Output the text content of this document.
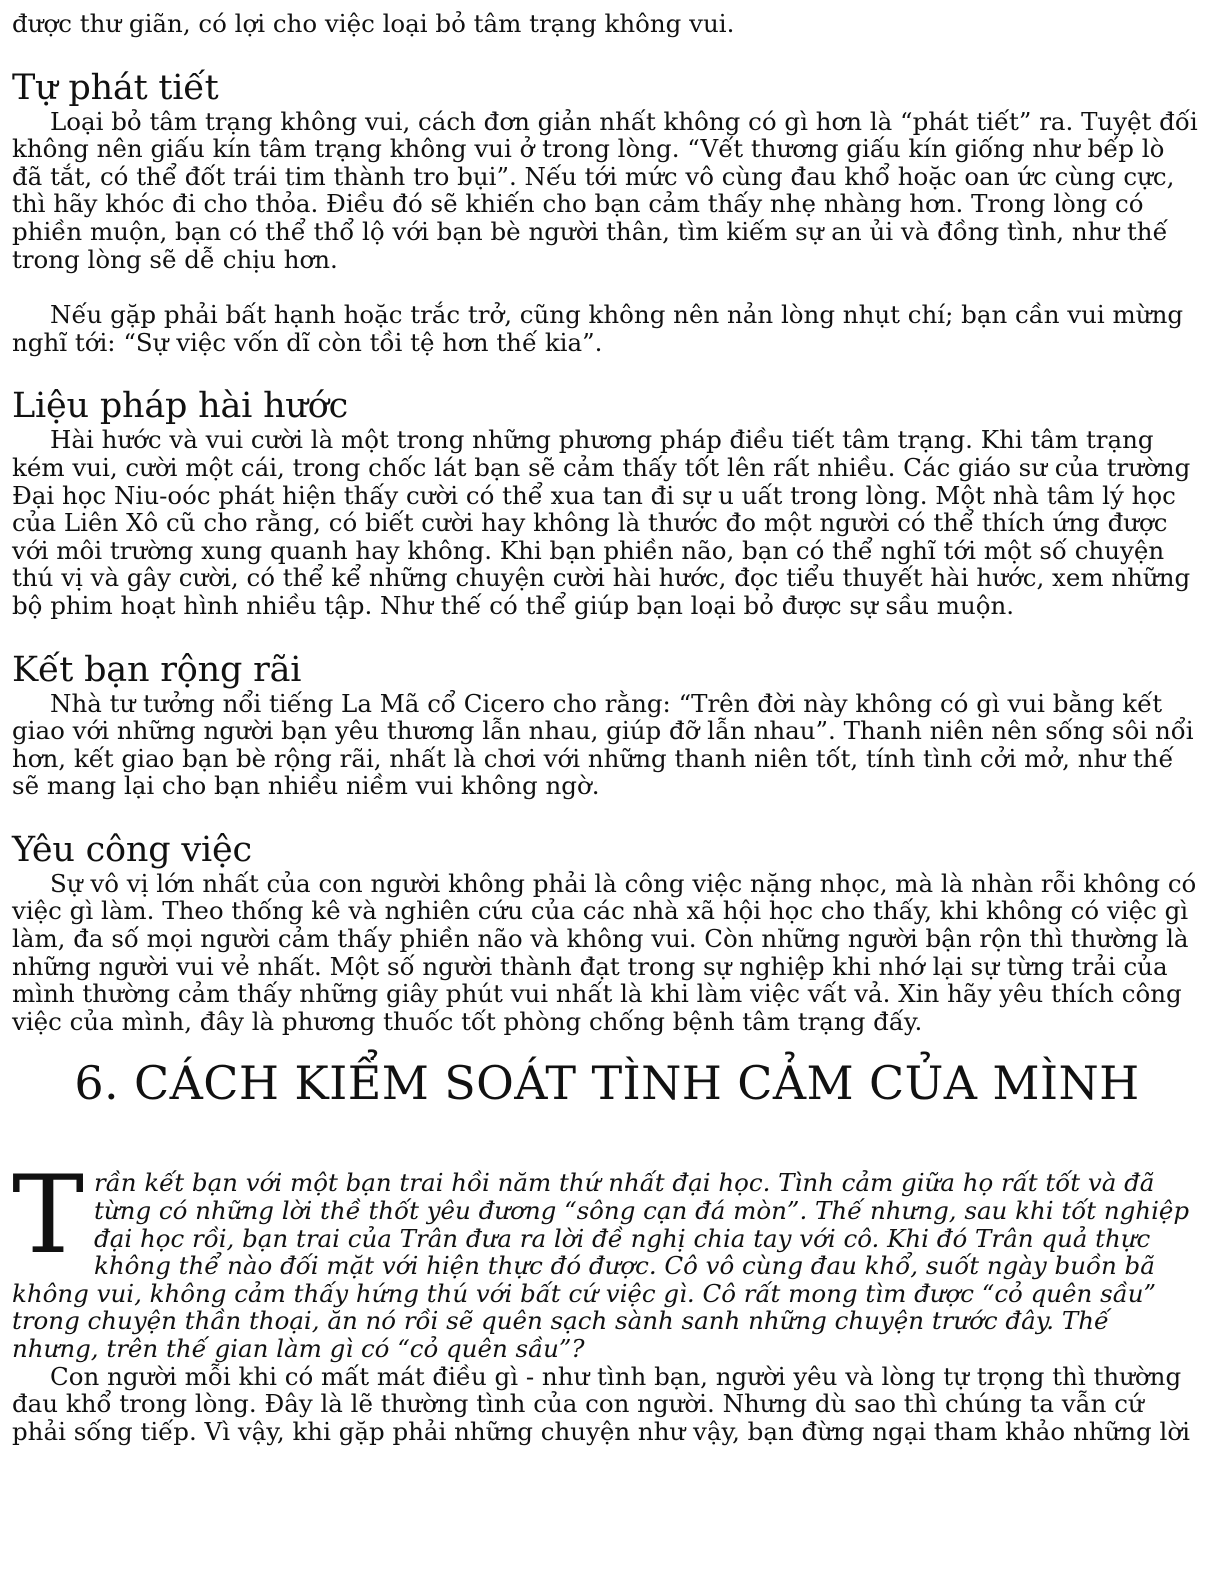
được thư giãn, có lợi cho việc loại bỏ tâm trạng không vui.

Tự phát tiết

Loại bỏ tâm trạng không vui, cách đơn giản nhất không có gì hơn là “phát tiết” ra. Tuyệt đối không nên giấu kín tâm trạng không vui ở trong lòng. “Vết thương giấu kín giống như bếp lò đã tắt, có thể đốt trái tim thành tro bụi”. Nếu tới mức vô cùng đau khổ hoặc oan ức cùng cực, thì hãy khóc đi cho thỏa. Điều đó sẽ khiến cho bạn cảm thấy nhẹ nhàng hơn. Trong lòng có phiền muộn, bạn có thể thổ lộ với bạn bè người thân, tìm kiếm sự an ủi và đồng tình, như thế trong lòng sẽ dễ chịu hơn.

Nếu gặp phải bất hạnh hoặc trắc trở, cũng không nên nản lòng nhụt chí; bạn cần vui mừng nghĩ tới: “Sự việc vốn dĩ còn tồi tệ hơn thế kia”.

Liệu pháp hài hước

Hài hước và vui cười là một trong những phương pháp điều tiết tâm trạng. Khi tâm trạng kém vui, cười một cái, trong chốc lát bạn sẽ cảm thấy tốt lên rất nhiều. Các giáo sư của trường Đại học Niu-oóc phát hiện thấy cười có thể xua tan đi sự u uất trong lòng. Một nhà tâm lý học của Liên Xô cũ cho rằng, có biết cười hay không là thước đo một người có thể thích ứng được với môi trường xung quanh hay không. Khi bạn phiền não, bạn có thể nghĩ tới một số chuyện thú vị và gây cười, có thể kể những chuyện cười hài hước, đọc tiểu thuyết hài hước, xem những bộ phim hoạt hình nhiều tập. Như thế có thể giúp bạn loại bỏ được sự sầu muộn.

Kết bạn rộng rãi

Nhà tư tưởng nổi tiếng La Mã cổ Cicero cho rằng: “Trên đời này không có gì vui bằng kết giao với những người bạn yêu thương lẫn nhau, giúp đỡ lẫn nhau”. Thanh niên nên sống sôi nổi hơn, kết giao bạn bè rộng rãi, nhất là chơi với những thanh niên tốt, tính tình cởi mở, như thế sẽ mang lại cho bạn nhiều niềm vui không ngờ.

Yêu công việc

Sự vô vị lớn nhất của con người không phải là công việc nặng nhọc, mà là nhàn rỗi không có việc gì làm. Theo thống kê và nghiên cứu của các nhà xã hội học cho thấy, khi không có việc gì làm, đa số mọi người cảm thấy phiền não và không vui. Còn những người bận rộn thì thường là những người vui vẻ nhất. Một số người thành đạt trong sự nghiệp khi nhớ lại sự từng trải của mình thường cảm thấy những giây phút vui nhất là khi làm việc vất vả. Xin hãy yêu thích công việc của mình, đây là phương thuốc tốt phòng chống bệnh tâm trạng đấy.

6. CÁCH KIỂM SOÁT TÌNH CẢM CỦA MÌNH
Trần kết bạn với một bạn trai hồi năm thứ nhất đại học. Tình cảm giữa họ rất tốt và đã từng có những lời thề thốt yêu đương “sông cạn đá mòn”. Thế nhưng, sau khi tốt nghiệp đại học rồi, bạn trai của Trân đưa ra lời đề nghị chia tay với cô. Khi đó Trân quả thực không thể nào đối mặt với hiện thực đó được. Cô vô cùng đau khổ, suốt ngày buồn bã không vui, không cảm thấy hứng thú với bất cứ việc gì. Cô rất mong tìm được “cỏ quên sầu” trong chuyện thần thoại, ăn nó rồi sẽ quên sạch sành sanh những chuyện trước đây. Thế nhưng, trên thế gian làm gì có “cỏ quên sầu”?

Con người mỗi khi có mất mát điều gì - như tình bạn, người yêu và lòng tự trọng thì thường đau khổ trong lòng. Đây là lẽ thường tình của con người. Nhưng dù sao thì chúng ta vẫn cứ phải sống tiếp. Vì vậy, khi gặp phải những chuyện như vậy, bạn đừng ngại tham khảo những lời
